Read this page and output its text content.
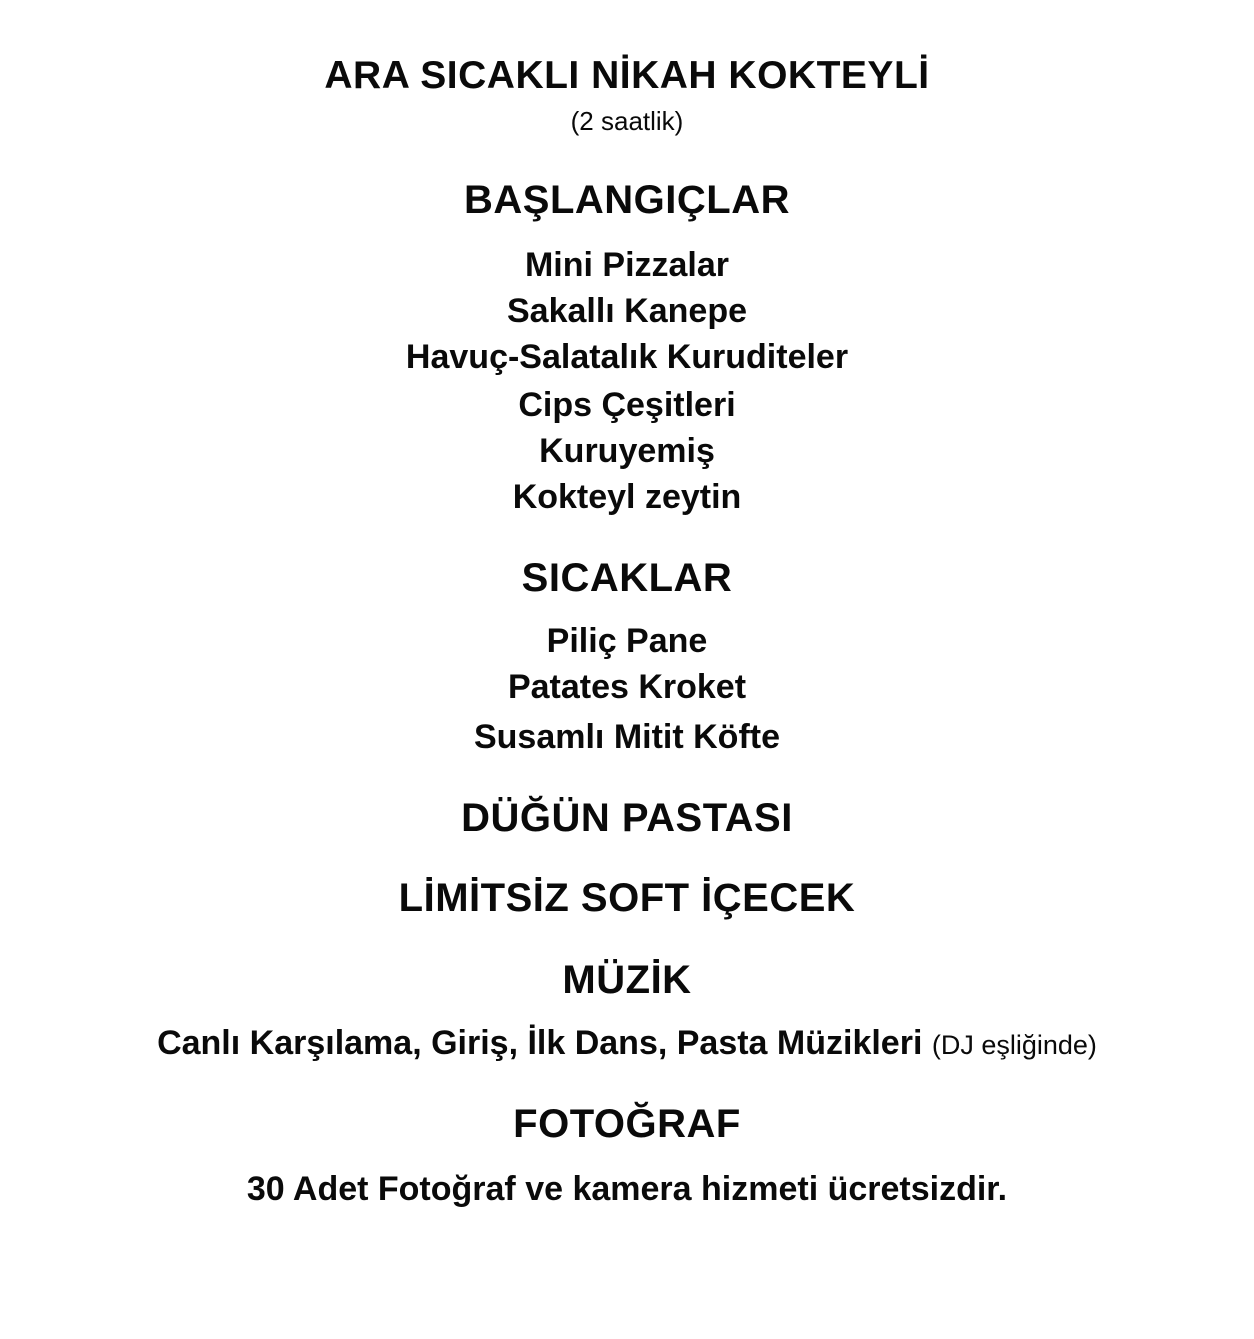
ARA SICAKLI NİKAH KOKTEYLİ
(2 saatlik)
BAŞLANGIÇLAR
Mini Pizzalar
Sakallı Kanepe
Havuç-Salatalık Kuruditeler
Cips Çeşitleri
Kuruyemiş
Kokteyl zeytin
SICAKLAR
Piliç Pane
Patates Kroket
Susamlı Mitit Köfte
DÜĞÜN PASTASI
LİMİTSİZ SOFT İÇECEK
MÜZİK
Canlı Karşılama, Giriş, İlk Dans, Pasta Müzikleri (DJ eşliğinde)
FOTOĞRAF
30 Adet Fotoğraf ve kamera hizmeti ücretsizdir.
